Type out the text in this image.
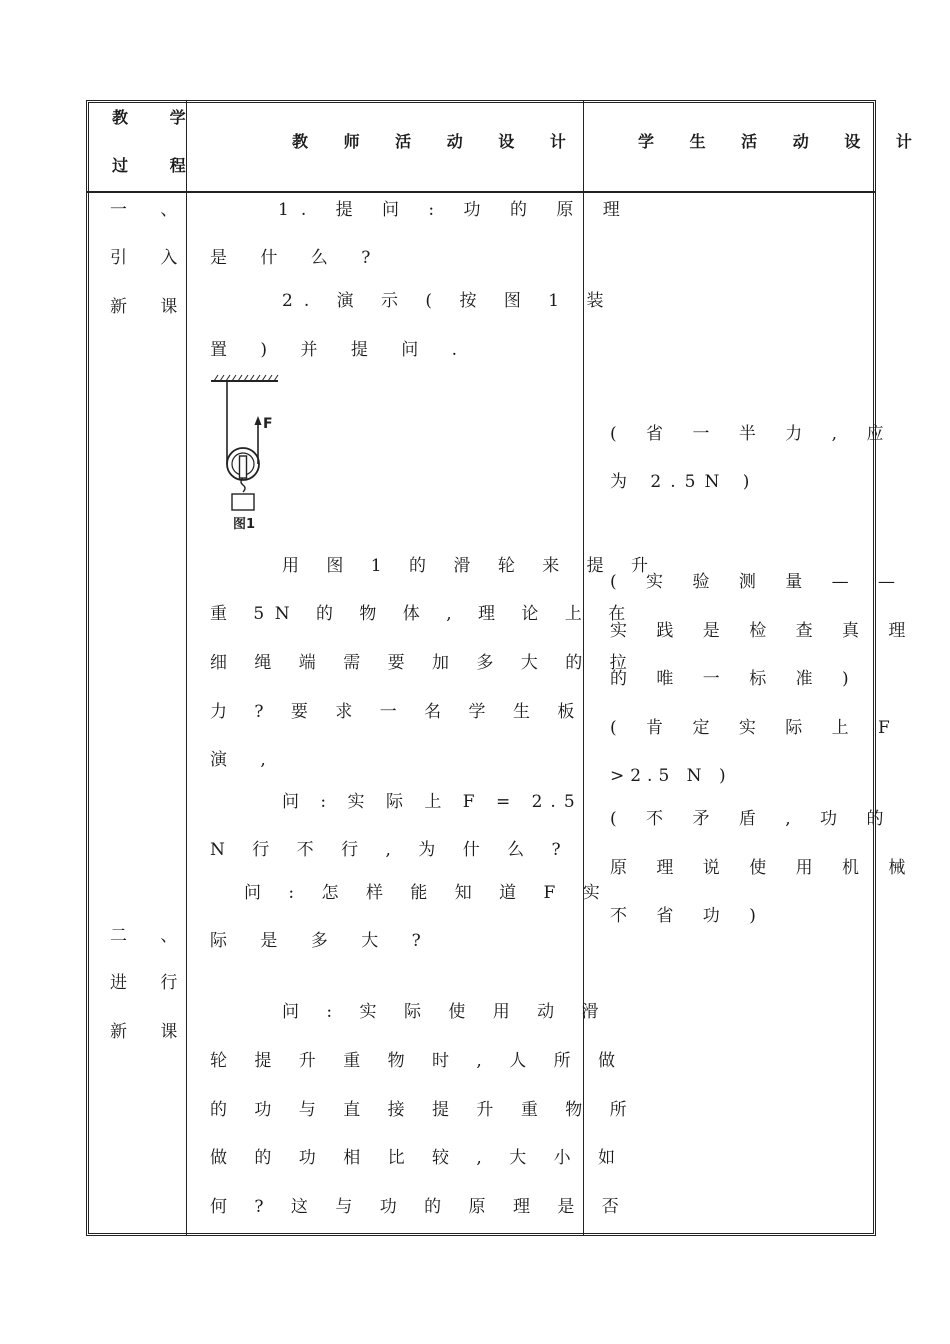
教 学
过 程
教 师 活 动 设 计	学 生 活 动 设 计
一 、
引 入
新 课
二 、
进 行
新 课
1. 提 问 : 功 的 原 理
是 什 么 ?
2. 演 示 ( 按 图 1 装
置 ) 并 提 问 .
F
图1
用 图 1 的 滑 轮 来 提 升
重 5N 的 物 体 , 理 论 上 在
细 绳 端 需 要 加 多 大 的 拉
力 ? 要 求 一 名 学 生 板
演 ,
问 : 实 际 上 F = 2.5
N 行 不 行 , 为 什 么 ?
问 : 怎 样 能 知 道 F 实
际 是 多 大 ?
问 : 实 际 使 用 动 滑
轮 提 升 重 物 时 , 人 所 做
的 功 与 直 接 提 升 重 物 所
做 的 功 相 比 较 , 大 小 如
何 ? 这 与 功 的 原 理 是 否
( 省 一 半 力 , 应
为 2.5N )
( 实 验 测 量 — —
实 践 是 检 查 真 理
的 唯 一 标 准 )
( 肯 定 实 际 上 F
>2.5 N )
( 不 矛 盾 , 功 的
原 理 说 使 用 机 械
不 省 功 )
